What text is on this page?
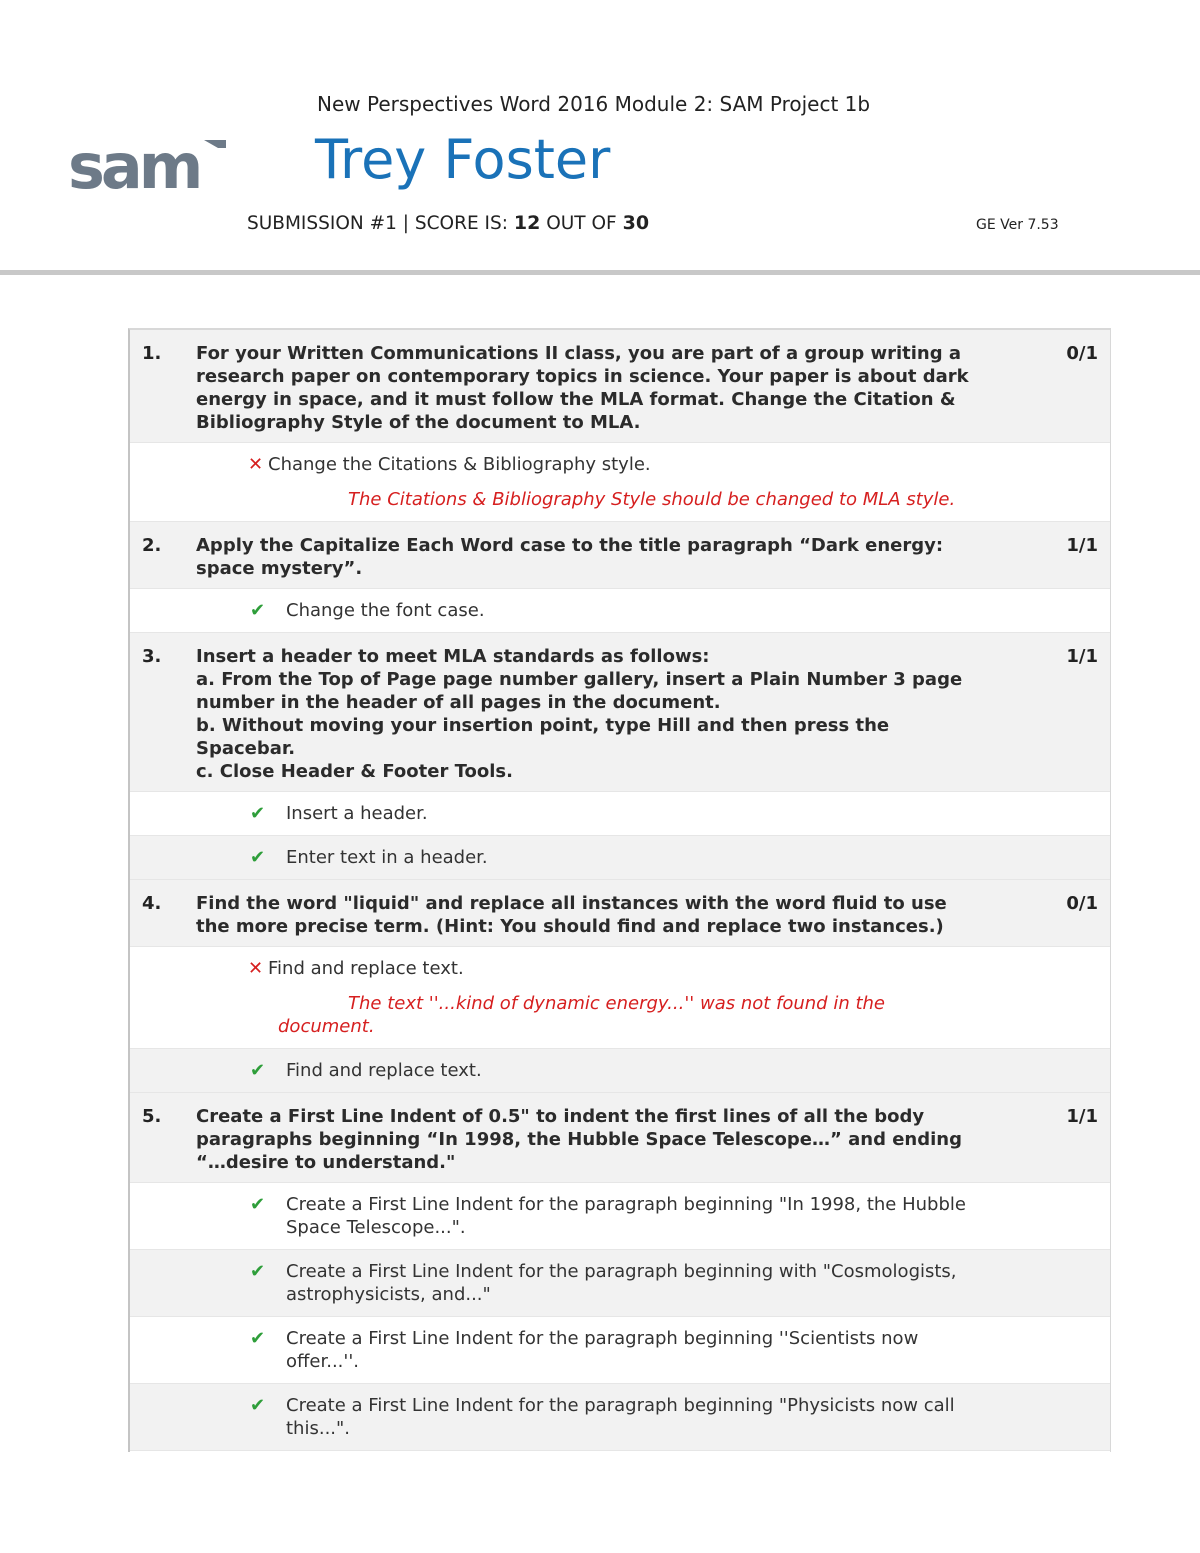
New Perspectives Word 2016 Module 2: SAM Project 1b
sam Trey Foster
SUBMISSION #1 | SCORE IS: 12 OUT OF 30	GE Ver 7.53
1.	For your Written Communications II class, you are part of a group writing a research paper on contemporary topics in science. Your paper is about dark energy in space, and it must follow the MLA format. Change the Citation & Bibliography Style of the document to MLA.
0/1
✕ Change the Citations & Bibliography style.
The Citations & Bibliography Style should be changed to MLA style.
2.	Apply the Capitalize Each Word case to the title paragraph “Dark energy: space mystery”.
1/1
✔ Change the font case.
3.	Insert a header to meet MLA standards as follows:
a. From the Top of Page page number gallery, insert a Plain Number 3 page number in the header of all pages in the document.
b. Without moving your insertion point, type Hill and then press the Spacebar.
c. Close Header & Footer Tools.
1/1
✔ Insert a header.
✔ Enter text in a header.
4.	Find the word "liquid" and replace all instances with the word fluid to use the more precise term. (Hint: You should find and replace two instances.)
0/1
✕ Find and replace text.
The text ''...kind of dynamic energy...'' was not found in the document.
✔ Find and replace text.
5.	Create a First Line Indent of 0.5" to indent the first lines of all the body paragraphs beginning “In 1998, the Hubble Space Telescope…” and ending “…desire to understand."
1/1
✔ Create a First Line Indent for the paragraph beginning "In 1998, the Hubble Space Telescope...".
✔ Create a First Line Indent for the paragraph beginning with "Cosmologists, astrophysicists, and..."
✔ Create a First Line Indent for the paragraph beginning ''Scientists now offer...''.
✔ Create a First Line Indent for the paragraph beginning "Physicists now call this...".
